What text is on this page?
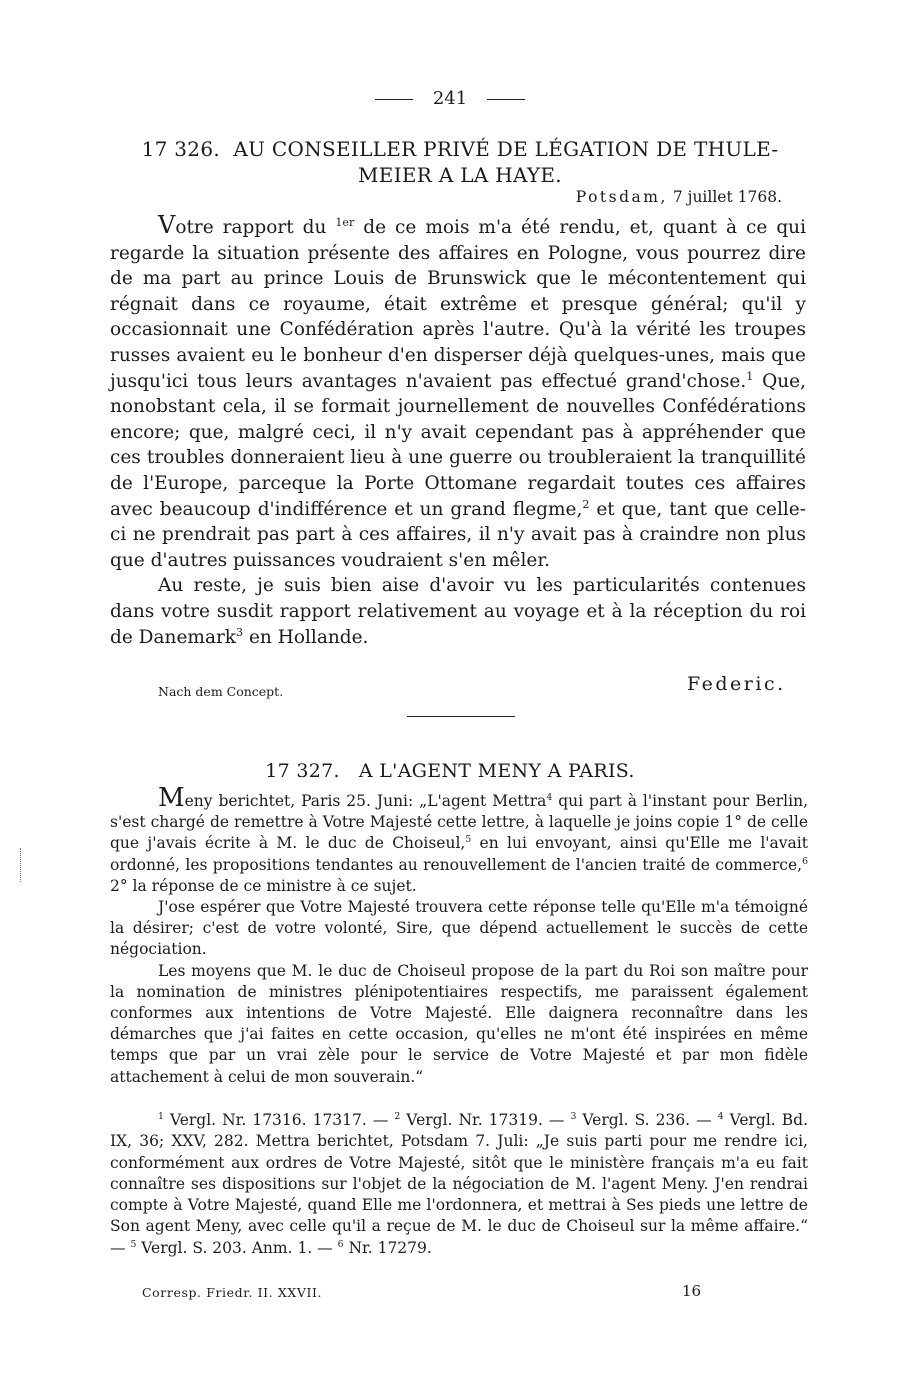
241
17 326. AU CONSEILLER PRIVÉ DE LÉGATION DE THULE-
MEIER A LA HAYE.
Potsdam, 7 juillet 1768.

Votre rapport du $^{1er}$ de ce mois m'a été rendu, et, quant à ce qui regarde la situation présente des affaires en Pologne, vous pourrez dire de ma part au prince Louis de Brunswick que le mécontentement qui régnait dans ce royaume, était extrême et presque général; qu'il y occasionnait une Confédération après l'autre. Qu'à la vérité les troupes russes avaient eu le bonheur d'en disperser déjà quelques-unes, mais que jusqu'ici tous leurs avantages n'avaient pas effectué grand'chose.$^1$ Que, nonobstant cela, il se formait journellement de nouvelles Confédérations encore; que, malgré ceci, il n'y avait cependant pas à appréhender que ces troubles donneraient lieu à une guerre ou troubleraient la tranquillité de l'Europe, parceque la Porte Ottomane regardait toutes ces affaires avec beaucoup d'indifférence et un grand flegme,$^2$ et que, tant que celle-ci ne prendrait pas part à ces affaires, il n'y avait pas à craindre non plus que d'autres puissances voudraient s'en mêler.

Au reste, je suis bien aise d'avoir vu les particularités contenues dans votre susdit rapport relativement au voyage et à la réception du roi de Danemark$^3$ en Hollande.

Nach dem Concept.	Federic.
17 327. A L'AGENT MENY A PARIS.

Meny berichtet, Paris 25. Juni: „L'agent Mettra$^4$ qui part à l'instant pour Berlin, s'est chargé de remettre à Votre Majesté cette lettre, à laquelle je joins copie 1° de celle que j'avais écrite à M. le duc de Choiseul,$^5$ en lui envoyant, ainsi qu'Elle me l'avait ordonné, les propositions tendantes au renouvellement de l'ancien traité de commerce,$^6$ 2° la réponse de ce ministre à ce sujet.

J'ose espérer que Votre Majesté trouvera cette réponse telle qu'Elle m'a témoigné la désirer; c'est de votre volonté, Sire, que dépend actuellement le succès de cette négociation.

Les moyens que M. le duc de Choiseul propose de la part du Roi son maître pour la nomination de ministres plénipotentiaires respectifs, me paraissent également conformes aux intentions de Votre Majesté. Elle daignera reconnaître dans les démarches que j'ai faites en cette occasion, qu'elles ne m'ont été inspirées en même temps que par un vrai zèle pour le service de Votre Majesté et par mon fidèle attachement à celui de mon souverain.“

$^1$ Vergl. Nr. 17316. 17317. — $^2$ Vergl. Nr. 17319. — $^3$ Vergl. S. 236. — $^4$ Vergl. Bd. IX, 36; XXV, 282. Mettra berichtet, Potsdam 7. Juli: „Je suis parti pour me rendre ici, conformément aux ordres de Votre Majesté, sitôt que le ministère français m'a eu fait connaître ses dispositions sur l'objet de la négociation de M. l'agent Meny. J'en rendrai compte à Votre Majesté, quand Elle me l'ordonnera, et mettrai à Ses pieds une lettre de Son agent Meny, avec celle qu'il a reçue de M. le duc de Choiseul sur la même affaire.“ — $^5$ Vergl. S. 203. Anm. 1. — $^6$ Nr. 17279.

Corresp. Friedr. II. XXVII.	16
